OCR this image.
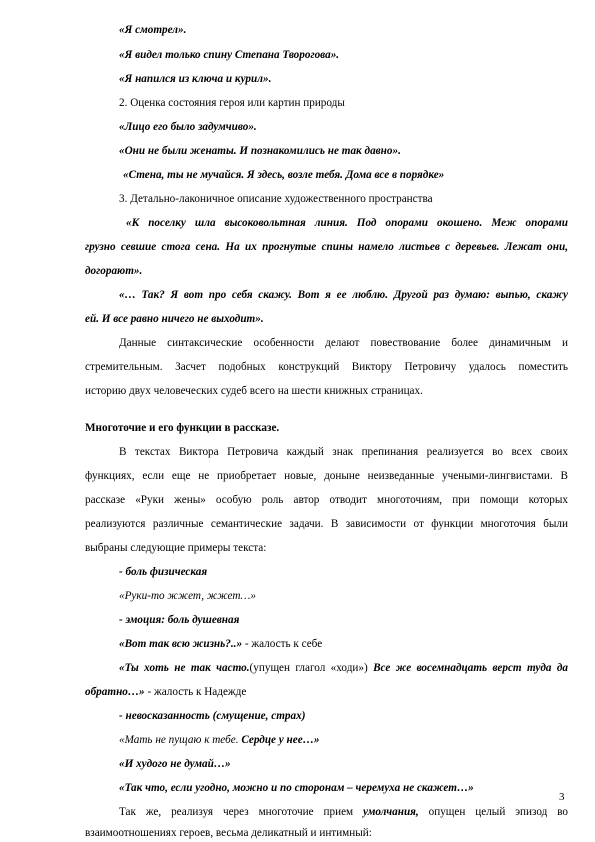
«Я смотрел».
«Я видел только спину Степана Творогова».
«Я напился из ключа и курил».
2. Оценка состояния героя или картин природы
«Лицо его было задумчиво».
«Они не были женаты. И познакомились не так давно».
«Стена, ты не мучайся. Я здесь, возле тебя. Дома все в порядке»
3. Детально-лаконичное описание художественного пространства
«К поселку шла высоковольтная линия. Под опорами окошено. Меж опорами
грузно севшие стога сена. На их прогнутые спины намело листьев с деревьев. Лежат они,
догорают».
«… Так? Я вот про себя скажу. Вот я ее люблю. Другой раз думаю: выпью, скажу
ей. И все равно ничего не выходит».
Данные синтаксические особенности делают повествование более динамичным и
стремительным. Засчет подобных конструкций Виктору Петровичу удалось поместить
историю двух человеческих судеб всего на шести книжных страницах.
Многоточие и его функции в рассказе.
В текстах Виктора Петровича каждый знак препинания реализуется во всех своих
функциях, если еще не приобретает новые, доныне неизведанные учеными-лингвистами. В
рассказе «Руки жены» особую роль автор отводит многоточиям, при помощи которых
реализуются различные семантические задачи. В зависимости от функции многоточия были
выбраны следующие примеры текста:
- боль физическая
«Руки-то жжет, жжет…»
- эмоция: боль душевная
«Вот так всю жизнь?..» - жалость к себе
«Ты хоть не так часто.(упущен глагол «ходи») Все же восемнадцать верст туда да
обратно…» - жалость к Надежде
- невосказанность (смущение, страх)
«Мать не пущаю к тебе. Сердце у нее…»
«И худого не думай…»
«Так что, если угодно, можно и по сторонам – черемуха не скажет…»
Так же, реализуя через многоточие прием умолчания, опущен целый эпизод во
взаимоотношениях героев, весьма деликатный и интимный:
3
